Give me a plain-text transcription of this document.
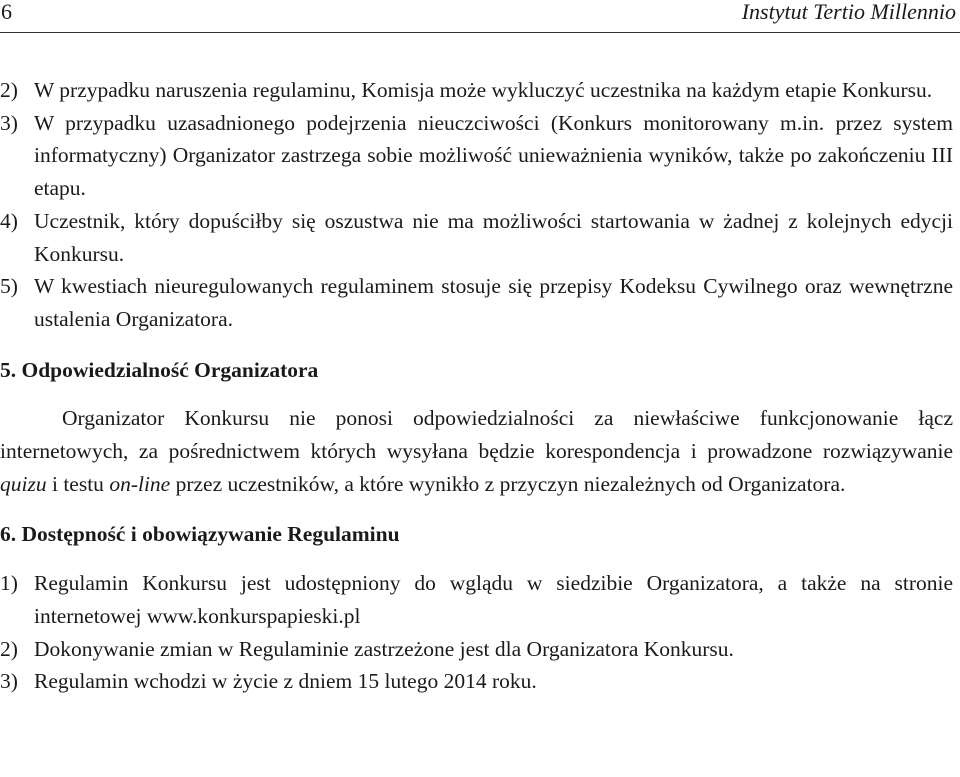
6	Instytut Tertio Millennio
2) W przypadku naruszenia regulaminu, Komisja może wykluczyć uczestnika na każdym etapie Konkursu.
3) W przypadku uzasadnionego podejrzenia nieuczciwości (Konkurs monitorowany m.in. przez system informatyczny) Organizator zastrzega sobie możliwość unieważnienia wyników, także po zakończeniu III etapu.
4) Uczestnik, który dopuściłby się oszustwa nie ma możliwości startowania w żadnej z kolejnych edycji Konkursu.
5) W kwestiach nieuregulowanych regulaminem stosuje się przepisy Kodeksu Cywilnego oraz wewnętrzne ustalenia Organizatora.
5. Odpowiedzialność Organizatora
Organizator Konkursu nie ponosi odpowiedzialności za niewłaściwe funkcjonowanie łącz internetowych, za pośrednictwem których wysyłana będzie korespondencja i prowadzone rozwiązywanie quizu i testu on-line przez uczestników, a które wynikło z przyczyn niezależnych od Organizatora.
6. Dostępność i obowiązywanie Regulaminu
1) Regulamin Konkursu jest udostępniony do wglądu w siedzibie Organizatora, a także na stronie internetowej www.konkurspapieski.pl
2) Dokonywanie zmian w Regulaminie zastrzeżone jest dla Organizatora Konkursu.
3) Regulamin wchodzi w życie z dniem 15 lutego 2014 roku.
